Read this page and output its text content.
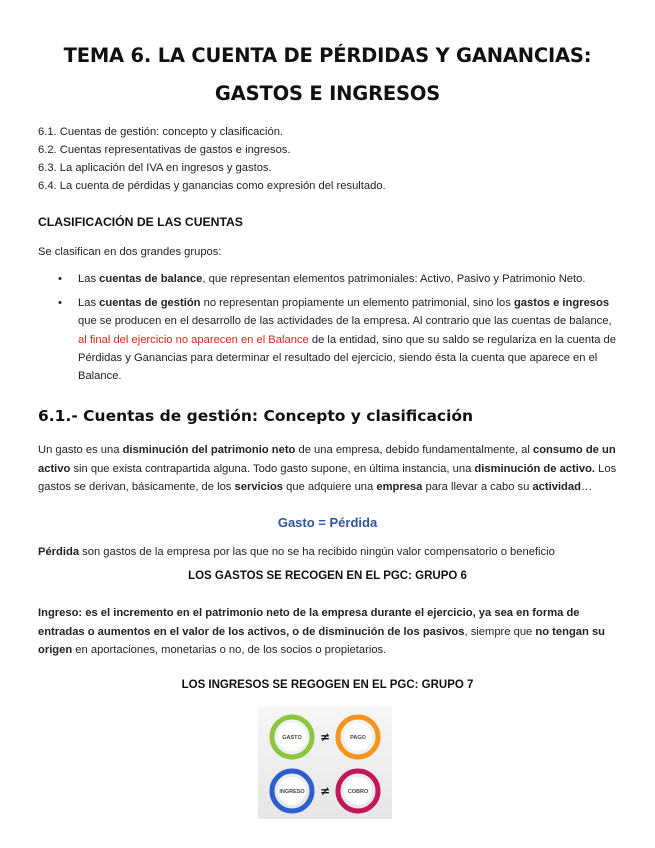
TEMA 6. LA CUENTA DE PÉRDIDAS Y GANANCIAS:
GASTOS E INGRESOS
6.1. Cuentas de gestión: concepto y clasificación.
6.2. Cuentas representativas de gastos e ingresos.
6.3. La aplicación del IVA en ingresos y gastos.
6.4. La cuenta de pérdidas y ganancias como expresión del resultado.
CLASIFICACIÓN DE LAS CUENTAS
Se clasifican en dos grandes grupos:
• Las cuentas de balance, que representan elementos patrimoniales: Activo, Pasivo y Patrimonio Neto.
• Las cuentas de gestión no representan propiamente un elemento patrimonial, sino los gastos e ingresos que se producen en el desarrollo de las actividades de la empresa. Al contrario que las cuentas de balance, al final del ejercicio no aparecen en el Balance de la entidad, sino que su saldo se regulariza en la cuenta de Pérdidas y Ganancias para determinar el resultado del ejercicio, siendo ésta la cuenta que aparece en el Balance.
6.1.- Cuentas de gestión: Concepto y clasificación
Un gasto es una disminución del patrimonio neto de una empresa, debido fundamentalmente, al consumo de un activo sin que exista contrapartida alguna. Todo gasto supone, en última instancia, una disminución de activo. Los gastos se derivan, básicamente, de los servicios que adquiere una empresa para llevar a cabo su actividad…
Gasto = Pérdida
Pérdida son gastos de la empresa por las que no se ha recibido ningún valor compensatorio o beneficio
LOS GASTOS SE RECOGEN EN EL PGC: GRUPO 6
Ingreso: es el incremento en el patrimonio neto de la empresa durante el ejercicio, ya sea en forma de entradas o aumentos en el valor de los activos, o de disminución de los pasivos, siempre que no tengan su origen en aportaciones, monetarias o no, de los socios o propietarios.
LOS INGRESOS SE REGOGEN EN EL PGC: GRUPO 7
GASTO	PAGO
INGRESO	COBRO
≠
≠
